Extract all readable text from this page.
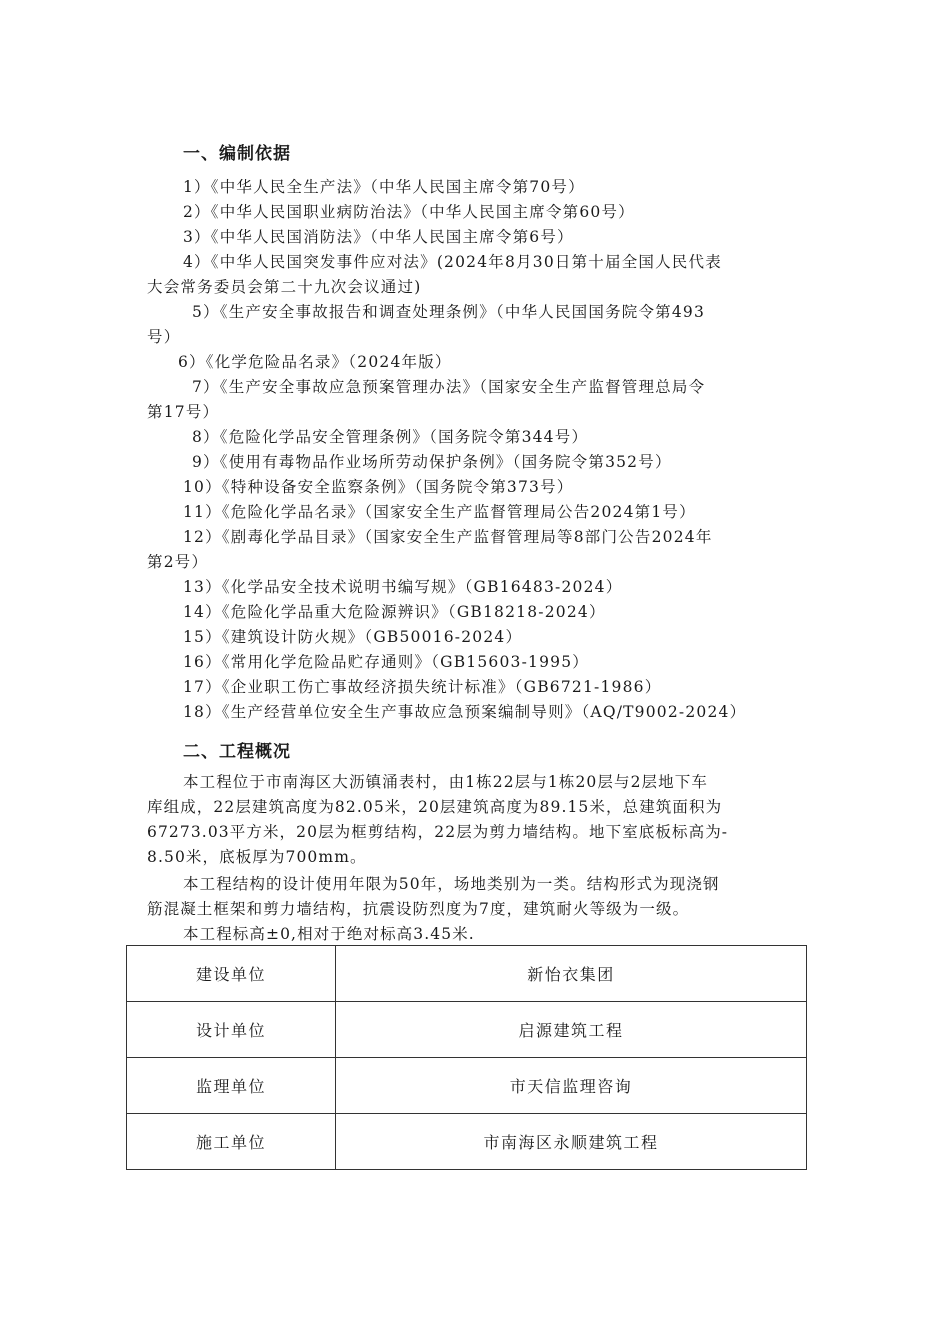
一、编制依据
1）《中华人民全生产法》（中华人民国主席令第70号）
2）《中华人民国职业病防治法》（中华人民国主席令第60号）
3）《中华人民国消防法》（中华人民国主席令第6号）
4）《中华人民国突发事件应对法》(2024年8月30日第十届全国人民代表
大会常务委员会第二十九次会议通过)
5）《生产安全事故报告和调查处理条例》（中华人民国国务院令第493
号）
6）《化学危险品名录》（2024年版）
7）《生产安全事故应急预案管理办法》（国家安全生产监督管理总局令
第17号）
8）《危险化学品安全管理条例》（国务院令第344号）
9）《使用有毒物品作业场所劳动保护条例》（国务院令第352号）
10）《特种设备安全监察条例》（国务院令第373号）
11）《危险化学品名录》（国家安全生产监督管理局公告2024第1号）
12）《剧毒化学品目录》（国家安全生产监督管理局等8部门公告2024年
第2号）
13）《化学品安全技术说明书编写规》（GB16483-2024）
14）《危险化学品重大危险源辨识》（GB18218-2024）
15）《建筑设计防火规》（GB50016-2024）
16）《常用化学危险品贮存通则》（GB15603-1995）
17）《企业职工伤亡事故经济损失统计标准》（GB6721-1986）
18）《生产经营单位安全生产事故应急预案编制导则》（AQ/T9002-2024）
二、工程概况
本工程位于市南海区大沥镇涌表村，由1栋22层与1栋20层与2层地下车
库组成，22层建筑高度为82.05米，20层建筑高度为89.15米，总建筑面积为
67273.03平方米，20层为框剪结构，22层为剪力墙结构。地下室底板标高为-
8.50米，底板厚为700mm。
本工程结构的设计使用年限为50年，场地类别为一类。结构形式为现浇钢
筋混凝土框架和剪力墙结构，抗震设防烈度为7度，建筑耐火等级为一级。
本工程标高±0,相对于绝对标高3.45米.
建设单位	新怡衣集团
设计单位	启源建筑工程
监理单位	市天信监理咨询
施工单位	市南海区永顺建筑工程
